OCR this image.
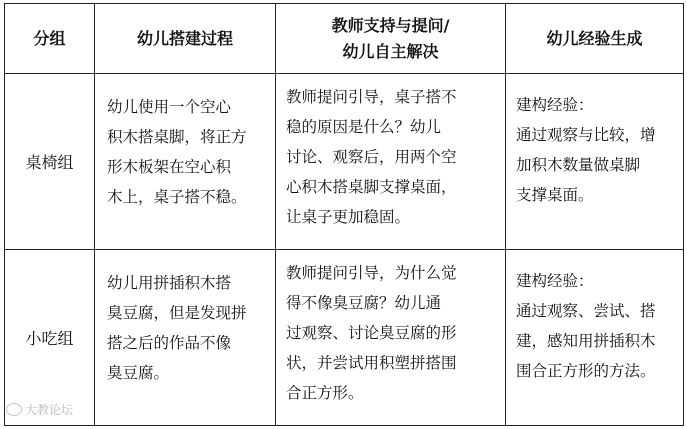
分组	幼儿搭建过程	教师支持与提问/
幼儿自主解决	幼儿经验生成
桌椅组	幼儿使用一个空心
积木搭桌脚，将正方
形木板架在空心积
木上，桌子搭不稳。	教师提问引导，桌子搭不
稳的原因是什么？幼儿
讨论、观察后，用两个空
心积木搭桌脚支撑桌面，
让桌子更加稳固。	建构经验：
通过观察与比较，增
加积木数量做桌脚
支撑桌面。

小吃组	幼儿用拼插积木搭
臭豆腐，但是发现拼
搭之后的作品不像
臭豆腐。	教师提问引导，为什么觉
得不像臭豆腐？幼儿通
过观察、讨论臭豆腐的形
状，并尝试用积塑拼搭围
合正方形。	建构经验：
通过观察、尝试、搭
建，感知用拼插积木
围合正方形的方法。
大教论坛
